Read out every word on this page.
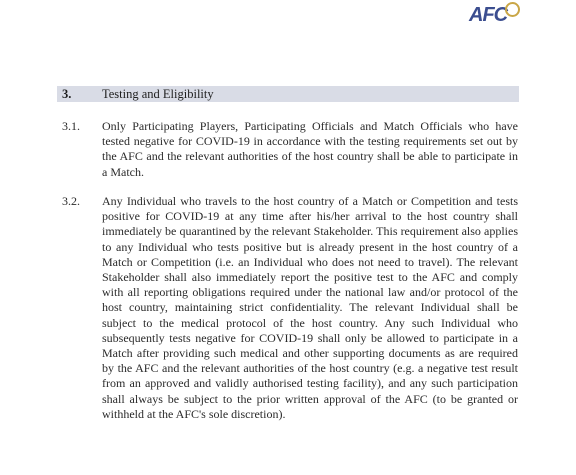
AFC
3. Testing and Eligibility
3.1. Only Participating Players, Participating Officials and Match Officials who have tested negative for COVID-19 in accordance with the testing requirements set out by the AFC and the relevant authorities of the host country shall be able to participate in a Match.
3.2. Any Individual who travels to the host country of a Match or Competition and tests positive for COVID-19 at any time after his/her arrival to the host country shall immediately be quarantined by the relevant Stakeholder. This requirement also applies to any Individual who tests positive but is already present in the host country of a Match or Competition (i.e. an Individual who does not need to travel). The relevant Stakeholder shall also immediately report the positive test to the AFC and comply with all reporting obligations required under the national law and/or protocol of the host country, maintaining strict confidentiality. The relevant Individual shall be subject to the medical protocol of the host country. Any such Individual who subsequently tests negative for COVID-19 shall only be allowed to participate in a Match after providing such medical and other supporting documents as are required by the AFC and the relevant authorities of the host country (e.g. a negative test result from an approved and validly authorised testing facility), and any such participation shall always be subject to the prior written approval of the AFC (to be granted or withheld at the AFC's sole discretion).
